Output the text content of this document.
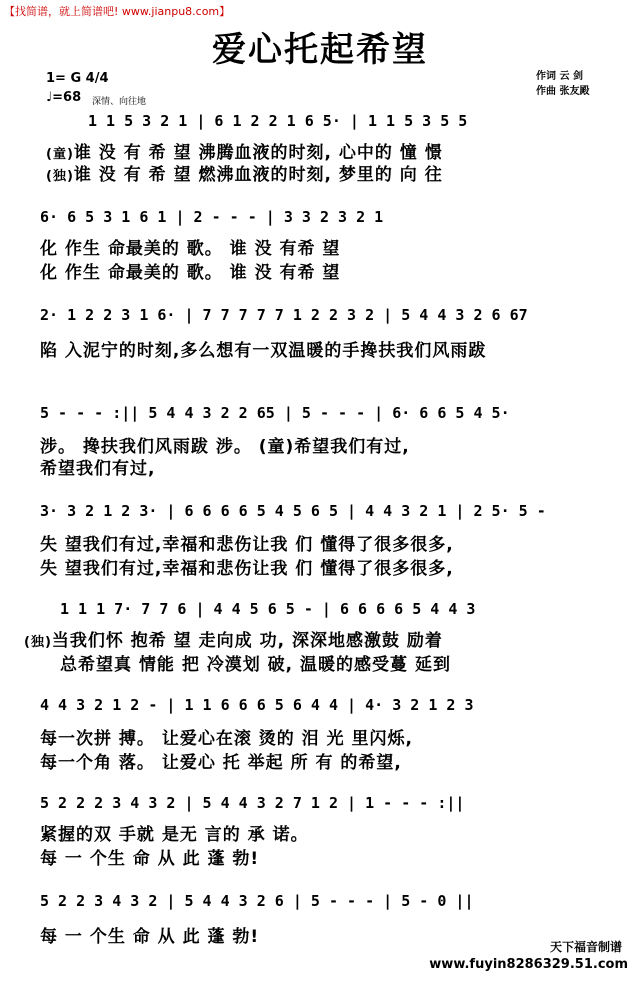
【找简谱，就上简谱吧! www.jianpu8.com】
爱心托起希望
1= G 4/4
♩=68 深情、向往地
作词 云 剑
作曲 张友殿
1 1 5 3 2 1 | 6 1 2 2 1 6 5· | 1 1 5 3 5 5
(童)谁 没 有 希 望 沸腾血液的时刻, 心中的 憧 憬
(独)谁 没 有 希 望 燃沸血液的时刻, 梦里的 向 往
6· 6 5 3 1 6 1 | 2 - - - | 3 3 2 3 2 1
化 作生 命最美的 歌。 谁 没 有希 望
化 作生 命最美的 歌。 谁 没 有希 望
2· 1 2 2 3 1 6· | 7 7 7 7 7 1 2 2 3 2 | 5 4 4 3 2 6 67
陷 入泥宁的时刻,多么想有一双温暖的手搀扶我们风雨跋
5 - - - :|| 5 4 4 3 2 2 65 | 5 - - - | 6· 6 6 5 4 5·
涉。 搀扶我们风雨跋 涉。 (童)希望我们有过,
希望我们有过,
3· 3 2 1 2 3· | 6 6 6 6 5 4 5 6 5 | 4 4 3 2 1 | 2 5· 5 -
失 望我们有过,幸福和悲伤让我 们 懂得了很多很多,
失 望我们有过,幸福和悲伤让我 们 懂得了很多很多,
1 1 1 7· 7 7 6 | 4 4 5 6 5 - | 6 6 6 6 5 4 4 3
(独)当我们怀 抱希 望 走向成 功, 深深地感激鼓 励着
总希望真 情能 把 冷漠划 破, 温暖的感受蔓 延到
4 4 3 2 1 2 - | 1 1 6 6 6 5 6 4 4 | 4· 3 2 1 2 3
每一次拼 搏。 让爱心在滚 烫的 泪 光 里闪烁,
每一个角 落。 让爱心 托 举起 所 有 的希望,
5 2 2 2 3 4 3 2 | 5 4 4 3 2 7 1 2 | 1 - - - :||
紧握的双 手就 是无 言的 承 诺。
每 一 个生 命 从 此 蓬 勃!
5 2 2 3 4 3 2 | 5 4 4 3 2 6 | 5 - - - | 5 - 0 ||
每 一 个生 命 从 此 蓬 勃!	天下福音制谱
www.fuyin8286329.51.com
